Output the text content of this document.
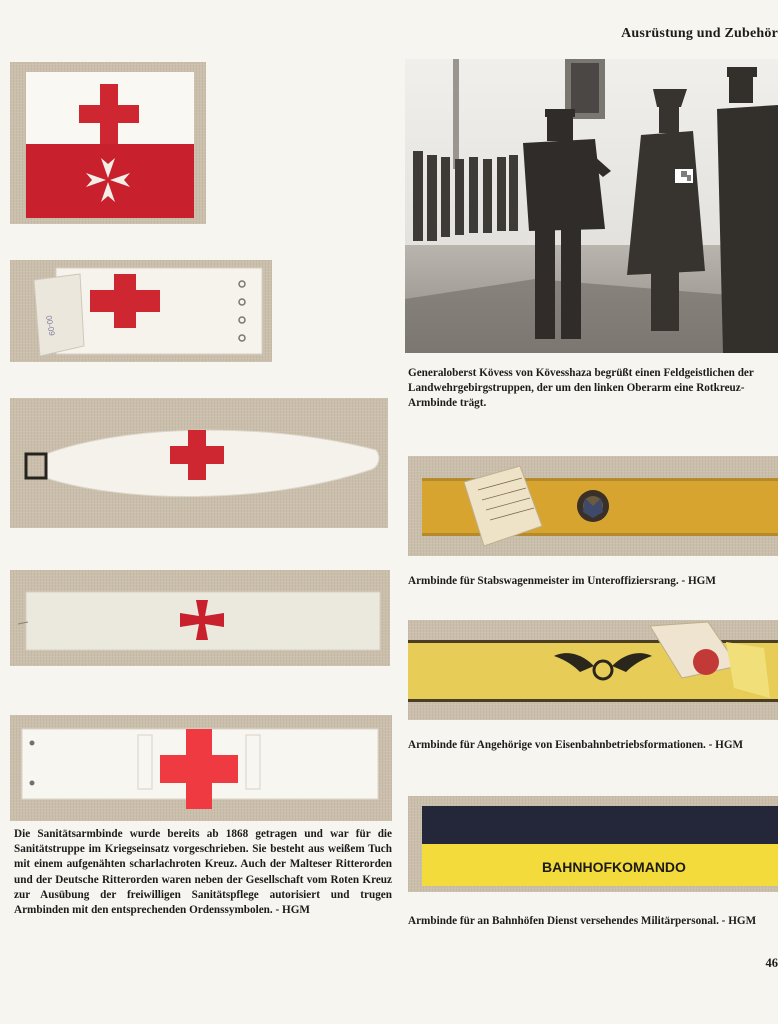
Ausrüstung und Zubehör
00-09
Die Sanitätsarmbinde wurde bereits ab 1868 getragen und war für die Sanitätstruppe im Kriegseinsatz vorgeschrieben. Sie besteht aus weißem Tuch mit einem aufgenähten scharlachroten Kreuz. Auch der Malteser Ritterorden und der Deutsche Ritterorden waren neben der Gesellschaft vom Roten Kreuz zur Ausübung der freiwilligen Sanitätspflege autorisiert und trugen Armbinden mit den entsprechenden Ordenssymbolen. - HGM
Generaloberst Kövess von Kövesshaza begrüßt einen Feldgeistlichen der Landwehrgebirgstruppen, der um den linken Oberarm eine Rotkreuz-Armbinde trägt.
Armbinde für Stabswagenmeister im Unteroffiziersrang. - HGM
Armbinde für Angehörige von Eisenbahnbetriebsformationen. - HGM
BAHNHOFKOMANDO
Armbinde für an Bahnhöfen Dienst versehendes Militärpersonal. - HGM
46
